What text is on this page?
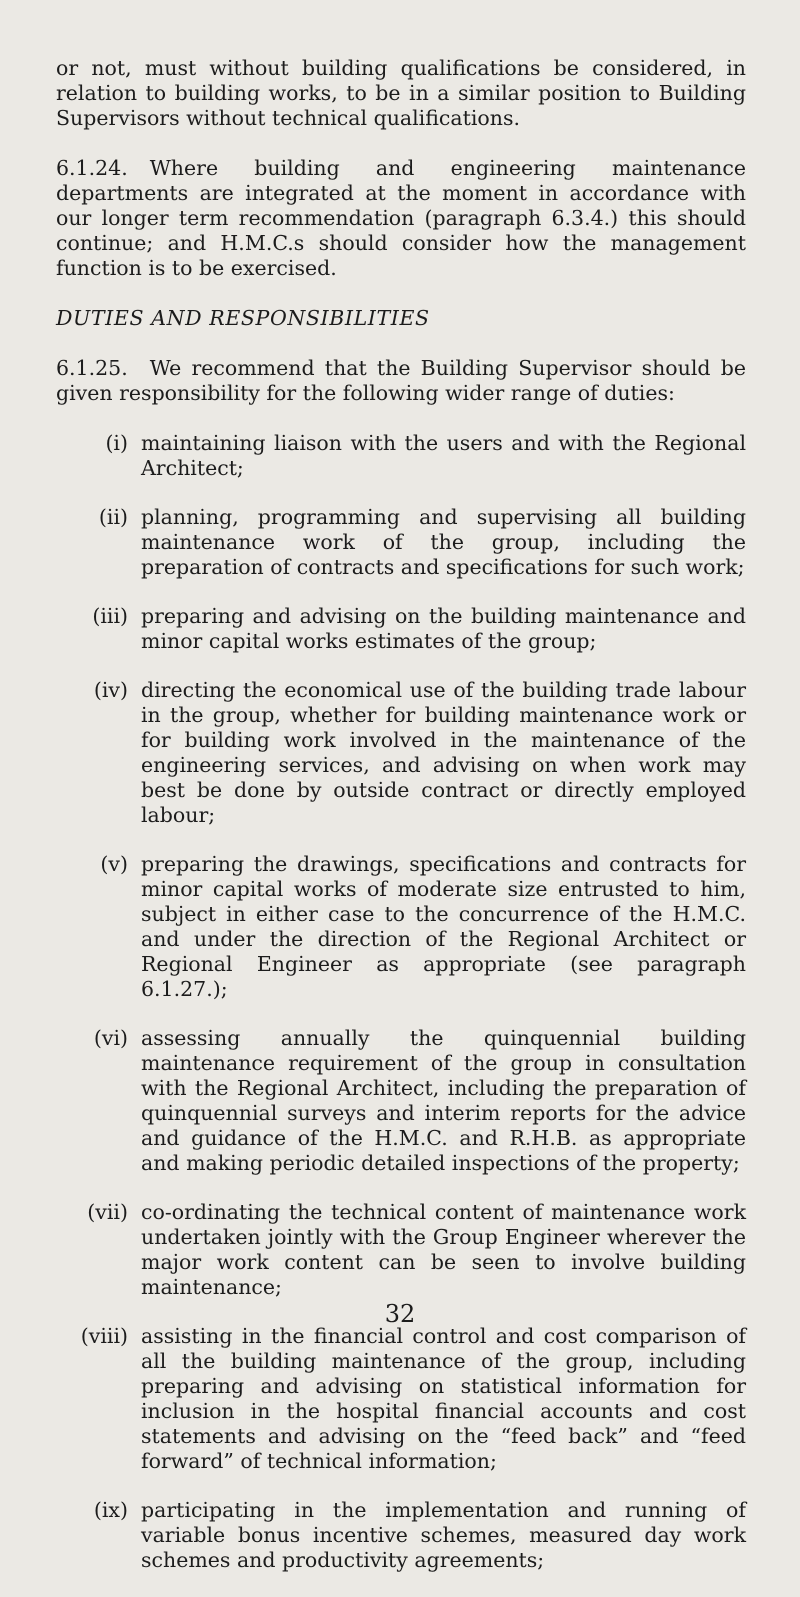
or not, must without building qualifications be considered, in relation to building works, to be in a similar position to Building Supervisors without technical qualifications.

6.1.24. Where building and engineering maintenance departments are integrated at the moment in accordance with our longer term recommendation (paragraph 6.3.4.) this should continue; and H.M.C.s should consider how the management function is to be exercised.

DUTIES AND RESPONSIBILITIES

6.1.25. We recommend that the Building Supervisor should be given responsibility for the following wider range of duties:

(i) maintaining liaison with the users and with the Regional Architect;
(ii) planning, programming and supervising all building maintenance work of the group, including the preparation of contracts and specifications for such work;
(iii) preparing and advising on the building maintenance and minor capital works estimates of the group;
(iv) directing the economical use of the building trade labour in the group, whether for building maintenance work or for building work involved in the maintenance of the engineering services, and advising on when work may best be done by outside contract or directly employed labour;
(v) preparing the drawings, specifications and contracts for minor capital works of moderate size entrusted to him, subject in either case to the concurrence of the H.M.C. and under the direction of the Regional Architect or Regional Engineer as appropriate (see paragraph 6.1.27.);
(vi) assessing annually the quinquennial building maintenance requirement of the group in consultation with the Regional Architect, including the preparation of quinquennial surveys and interim reports for the advice and guidance of the H.M.C. and R.H.B. as appropriate and making periodic detailed inspections of the property;
(vii) co-ordinating the technical content of maintenance work undertaken jointly with the Group Engineer wherever the major work content can be seen to involve building maintenance;
(viii) assisting in the financial control and cost comparison of all the building maintenance of the group, including preparing and advising on statistical information for inclusion in the hospital financial accounts and cost statements and advising on the “feed back” and “feed forward” of technical information;
(ix) participating in the implementation and running of variable bonus incentive schemes, measured day work schemes and productivity agreements;
32
